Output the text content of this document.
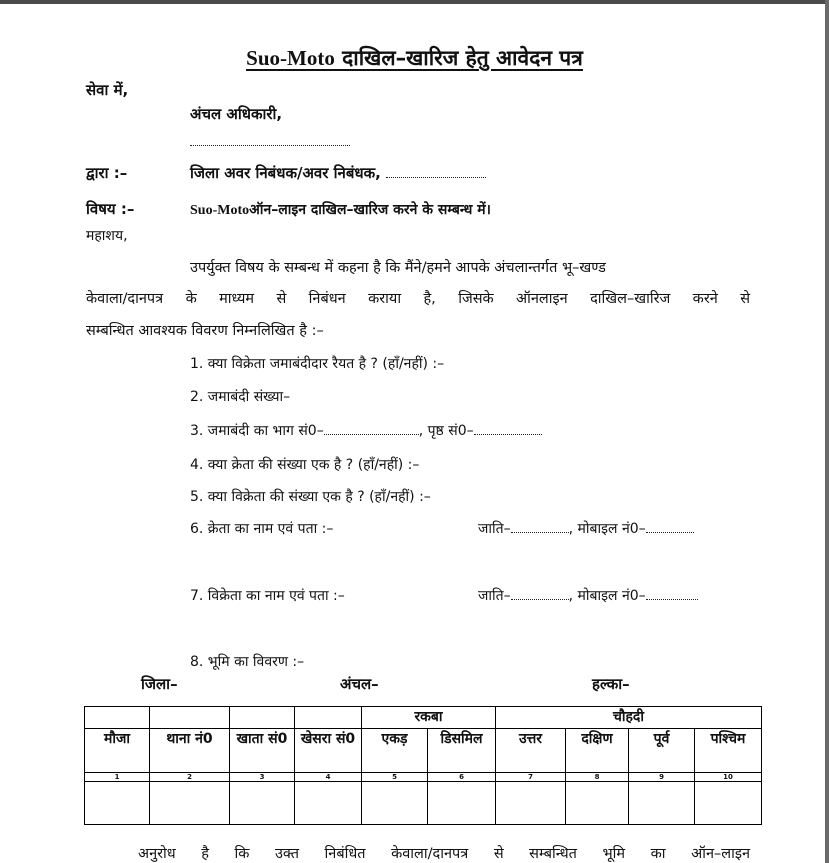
Suo-Moto दाखिल–खारिज हेतु आवेदन पत्र
सेवा में,
अंचल अधिकारी,
द्वारा :–	जिला अवर निबंधक/अवर निबंधक,
विषय :–	Suo-Motoऑन–लाइन दाखिल–खारिज करने के सम्बन्ध में।
महाशय,
उपर्युक्त विषय के सम्बन्ध में कहना है कि मैंने/हमने आपके अंचलान्तर्गत भू–खण्ड
केवाला/दानपत्र के माध्यम से निबंधन कराया है, जिसके ऑनलाइन दाखिल–खारिज करने से
सम्बन्धित आवश्यक विवरण निम्नलिखित है :–
1. क्या विक्रेता जमाबंदीदार रैयत है ? (हाँ/नहीं) :–
2. जमाबंदी संख्या–
3. जमाबंदी का भाग सं0–	, पृष्ठ सं0–
4. क्या क्रेता की संख्या एक है ? (हाँ/नहीं) :–
5. क्या विक्रेता की संख्या एक है ? (हाँ/नहीं) :–
6. क्रेता का नाम एवं पता :–	जाति–	, मोबाइल नं0–
7. विक्रेता का नाम एवं पता :–	जाति–	, मोबाइल नं0–
8. भूमि का विवरण :–
जिला–	अंचल–	हल्का–
				रकबा		चौहदी			
मौजा	थाना नं0	खाता सं0	खेसरा सं0	एकड़	डिसमिल	उत्तर	दक्षिण	पूर्व	पश्चिम
1	2	3	4	5	6	7	8	9	10

अनुरोध है कि उक्त निबंधित केवाला/दानपत्र से सम्बन्धित भूमि का ऑन–लाइन
